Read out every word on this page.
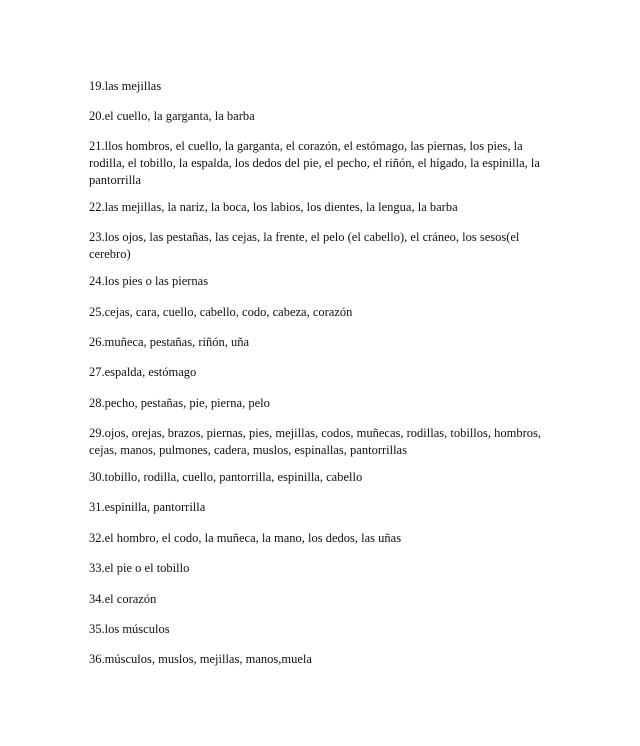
19.las mejillas
20.el cuello, la garganta, la barba
21.llos hombros, el cuello, la garganta, el corazón, el estómago, las piernas, los pies, la rodilla, el tobillo, la espalda, los dedos del pie, el pecho, el riñón, el hígado, la espinilla, la pantorrilla
22.las mejillas, la nariz, la boca, los labios, los dientes, la lengua, la barba
23.los ojos, las pestañas, las cejas, la frente, el pelo (el cabello), el cráneo, los sesos(el cerebro)
24.los pies o las piernas
25.cejas, cara, cuello, cabello, codo, cabeza, corazón
26.muñeca, pestañas, riñón, uña
27.espalda, estómago
28.pecho, pestañas, pie, pierna, pelo
29.ojos, orejas, brazos, piernas, pies, mejillas, codos, muñecas, rodillas, tobillos, hombros, cejas, manos, pulmones, cadera, muslos, espinallas, pantorrillas
30.tobillo, rodilla, cuello, pantorrilla, espinilla, cabello
31.espinilla, pantorrilla
32.el hombro, el codo, la muñeca, la mano, los dedos, las uñas
33.el pie o el tobillo
34.el corazón
35.los músculos
36.músculos, muslos, mejillas, manos,muela
